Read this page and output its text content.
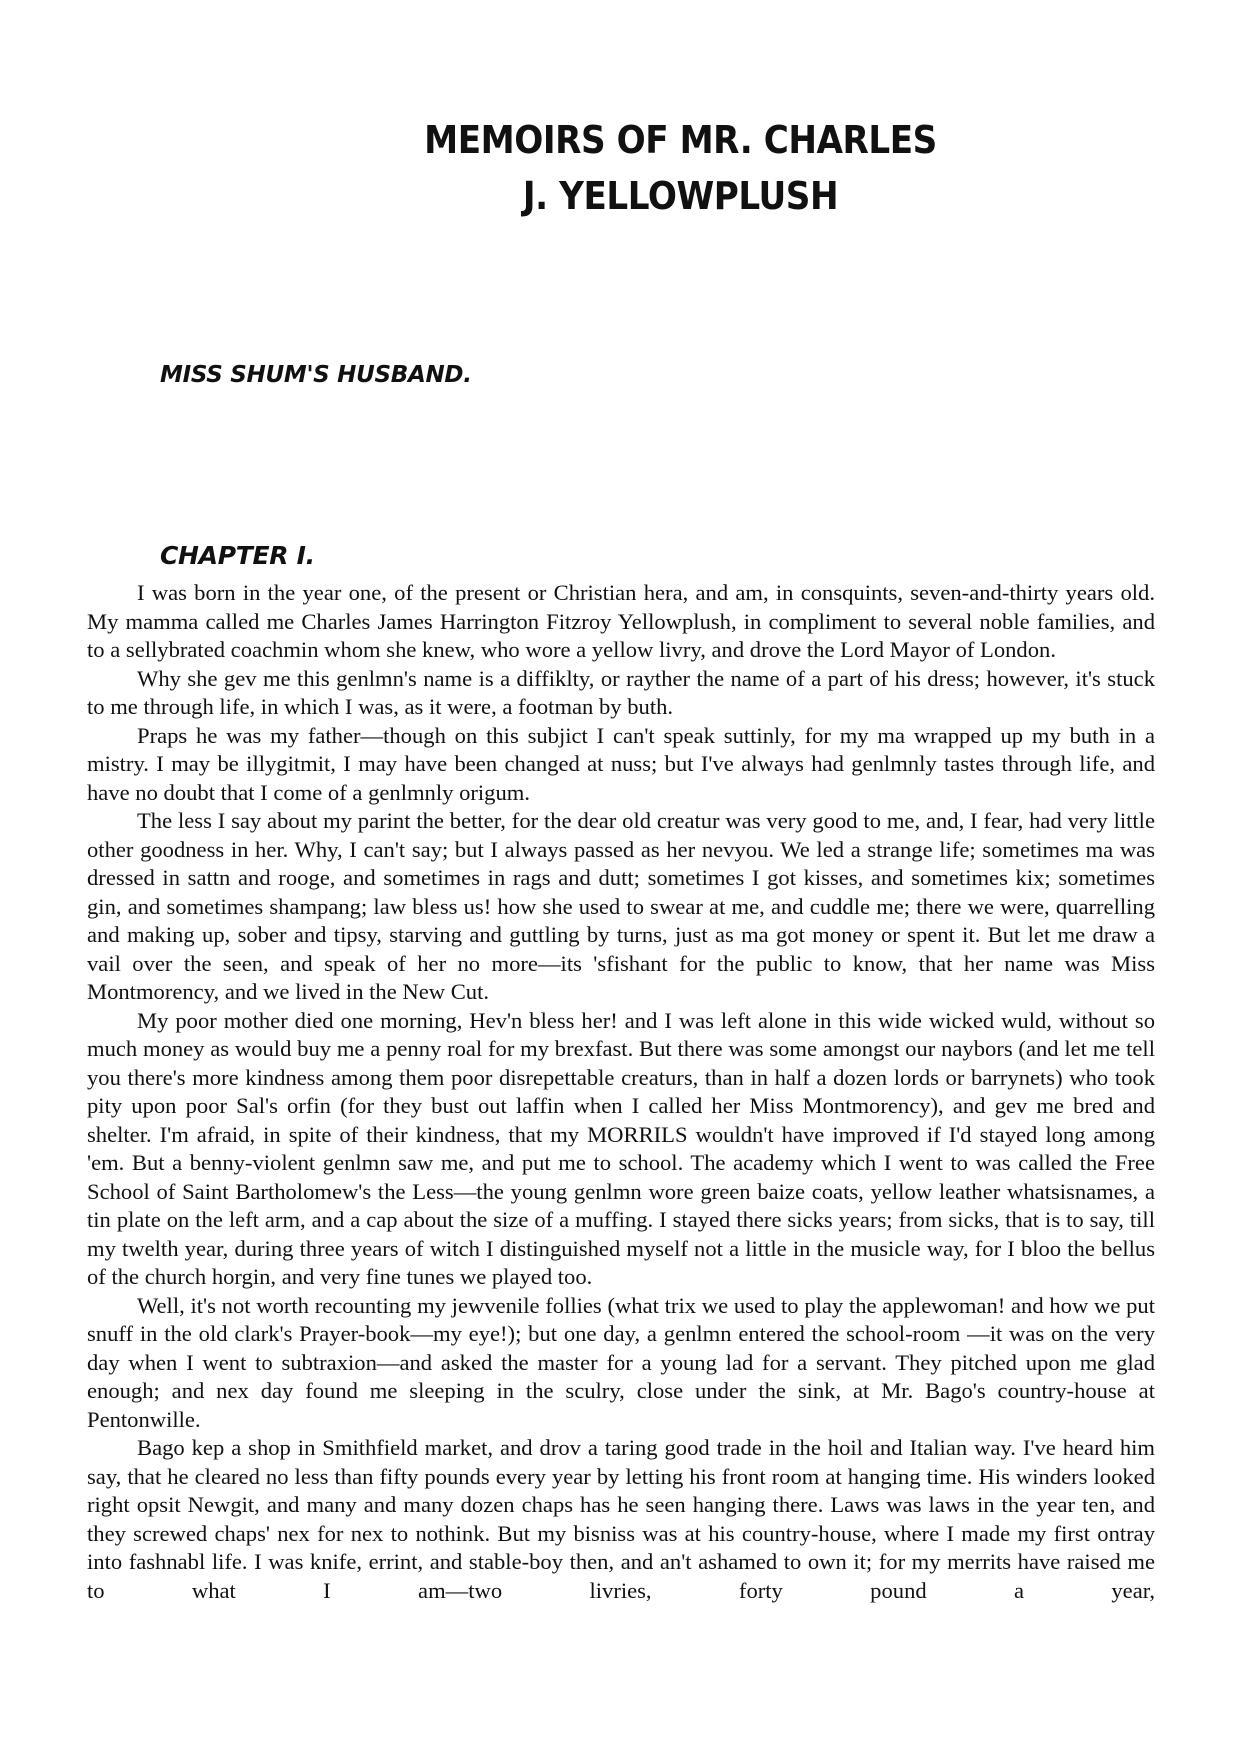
MEMOIRS OF MR. CHARLES
J. YELLOWPLUSH
MISS SHUM'S HUSBAND.
CHAPTER I.

I was born in the year one, of the present or Christian hera, and am, in consquints, seven-and-thirty years old. My mamma called me Charles James Harrington Fitzroy Yellowplush, in compliment to several noble families, and to a sellybrated coachmin whom she knew, who wore a yellow livry, and drove the Lord Mayor of London.

Why she gev me this genlmn's name is a diffiklty, or rayther the name of a part of his dress; however, it's stuck to me through life, in which I was, as it were, a footman by buth.

Praps he was my father—though on this subjict I can't speak suttinly, for my ma wrapped up my buth in a mistry. I may be illygitmit, I may have been changed at nuss; but I've always had genlmnly tastes through life, and have no doubt that I come of a genlmnly origum.

The less I say about my parint the better, for the dear old creatur was very good to me, and, I fear, had very little other goodness in her. Why, I can't say; but I always passed as her nevyou. We led a strange life; sometimes ma was dressed in sattn and rooge, and sometimes in rags and dutt; sometimes I got kisses, and sometimes kix; sometimes gin, and sometimes shampang; law bless us! how she used to swear at me, and cuddle me; there we were, quarrelling and making up, sober and tipsy, starving and guttling by turns, just as ma got money or spent it. But let me draw a vail over the seen, and speak of her no more—its 'sfishant for the public to know, that her name was Miss Montmorency, and we lived in the New Cut.

My poor mother died one morning, Hev'n bless her! and I was left alone in this wide wicked wuld, without so much money as would buy me a penny roal for my brexfast. But there was some amongst our naybors (and let me tell you there's more kindness among them poor disrepettable creaturs, than in half a dozen lords or barrynets) who took pity upon poor Sal's orfin (for they bust out laffin when I called her Miss Montmorency), and gev me bred and shelter. I'm afraid, in spite of their kindness, that my MORRILS wouldn't have improved if I'd stayed long among 'em. But a benny-violent genlmn saw me, and put me to school. The academy which I went to was called the Free School of Saint Bartholomew's the Less—the young genlmn wore green baize coats, yellow leather whatsisnames, a tin plate on the left arm, and a cap about the size of a muffing. I stayed there sicks years; from sicks, that is to say, till my twelth year, during three years of witch I distinguished myself not a little in the musicle way, for I bloo the bellus of the church horgin, and very fine tunes we played too.

Well, it's not worth recounting my jewvenile follies (what trix we used to play the applewoman! and how we put snuff in the old clark's Prayer-book—my eye!); but one day, a genlmn entered the school-room —it was on the very day when I went to subtraxion—and asked the master for a young lad for a servant. They pitched upon me glad enough; and nex day found me sleeping in the sculry, close under the sink, at Mr. Bago's country-house at Pentonwille.

Bago kep a shop in Smithfield market, and drov a taring good trade in the hoil and Italian way. I've heard him say, that he cleared no less than fifty pounds every year by letting his front room at hanging time. His winders looked right opsit Newgit, and many and many dozen chaps has he seen hanging there. Laws was laws in the year ten, and they screwed chaps' nex for nex to nothink. But my bisniss was at his country-house, where I made my first ontray into fashnabl life. I was knife, errint, and stable-boy then, and an't ashamed to own it; for my merrits have raised me to what I am—two livries, forty pound a year,
